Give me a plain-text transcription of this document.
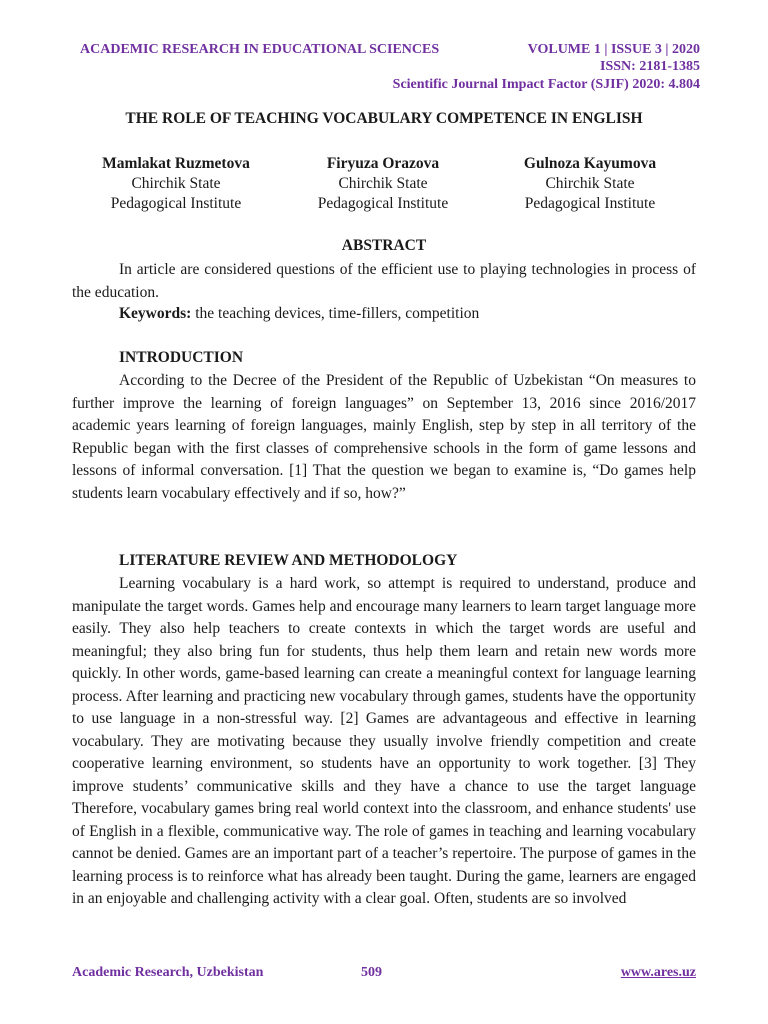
ACADEMIC RESEARCH IN EDUCATIONAL SCIENCES	VOLUME 1 | ISSUE 3 | 2020
ISSN: 2181-1385
Scientific Journal Impact Factor (SJIF) 2020: 4.804
THE ROLE OF TEACHING VOCABULARY COMPETENCE IN ENGLISH
Mamlakat Ruzmetova
Chirchik State
Pedagogical Institute
Firyuza Orazova
Chirchik State
Pedagogical Institute
Gulnoza Kayumova
Chirchik State
Pedagogical Institute
ABSTRACT

In article are considered questions of the efficient use to playing technologies in process of the education.

Keywords: the teaching devices, time-fillers, competition

INTRODUCTION

According to the Decree of the President of the Republic of Uzbekistan “On measures to further improve the learning of foreign languages” on September 13, 2016 since 2016/2017 academic years learning of foreign languages, mainly English, step by step in all territory of the Republic began with the first classes of comprehensive schools in the form of game lessons and lessons of informal conversation. [1] That the question we began to examine is, “Do games help students learn vocabulary effectively and if so, how?”

LITERATURE REVIEW AND METHODOLOGY

Learning vocabulary is a hard work, so attempt is required to understand, produce and manipulate the target words. Games help and encourage many learners to learn target language more easily. They also help teachers to create contexts in which the target words are useful and meaningful; they also bring fun for students, thus help them learn and retain new words more quickly. In other words, game-based learning can create a meaningful context for language learning process. After learning and practicing new vocabulary through games, students have the opportunity to use language in a non-stressful way. [2] Games are advantageous and effective in learning vocabulary. They are motivating because they usually involve friendly competition and create cooperative learning environment, so students have an opportunity to work together. [3] They improve students’ communicative skills and they have a chance to use the target language Therefore, vocabulary games bring real world context into the classroom, and enhance students' use of English in a flexible, communicative way. The role of games in teaching and learning vocabulary cannot be denied. Games are an important part of a teacher’s repertoire. The purpose of games in the learning process is to reinforce what has already been taught. During the game, learners are engaged in an enjoyable and challenging activity with a clear goal. Often, students are so involved

Academic Research, Uzbekistan	509	www.ares.uz
